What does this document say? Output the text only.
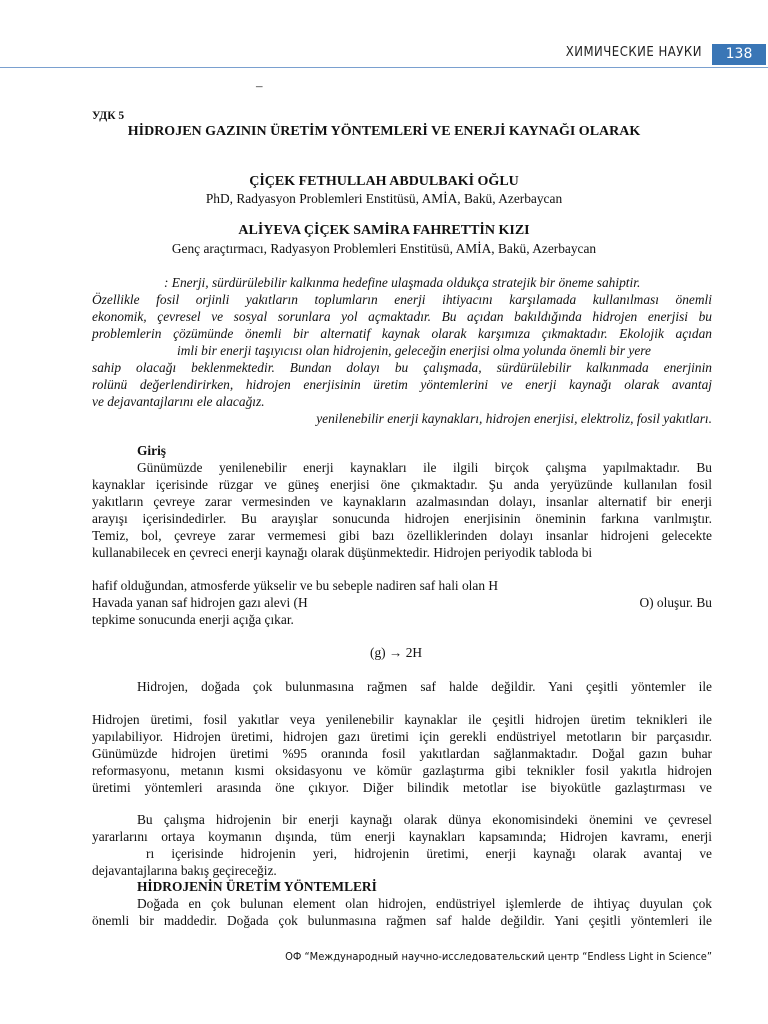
ХИМИЧЕСКИЕ НАУКИ	138
–
УДК 5
HİDROJEN GAZININ ÜRETİM YÖNTEMLERİ VE ENERJİ KAYNAĞI OLARAK
ÇİÇEK FETHULLAH ABDULBAKİ OĞLU
PhD, Radyasyon Problemleri Enstitüsü, AMİA, Bakü, Azerbaycan
ALİYEVA ÇİÇEK SAMİRA FAHRETTİN KIZI
Genç araçtırmacı, Radyasyon Problemleri Enstitüsü, AMİA, Bakü, Azerbaycan
: Enerji, sürdürülebilir kalkınma hedefine ulaşmada oldukça stratejik bir öneme sahiptir.
Özellikle fosil orjinli yakıtların toplumların enerji ihtiyacını karşılamada kullanılması önemli
ekonomik, çevresel ve sosyal sorunlara yol açmaktadır. Bu açıdan bakıldığında hidrojen enerjisi bu
problemlerin çözümünde önemli bir alternatif kaynak olarak karşımıza çıkmaktadır. Ekolojik açıdan
imli bir enerji taşıyıcısı olan hidrojenin, geleceğin enerjisi olma yolunda önemli bir yere
sahip olacağı beklenmektedir. Bundan dolayı bu çalışmada, sürdürülebilir kalkınmada enerjinin
rolünü değerlendirirken, hidrojen enerjisinin üretim yöntemlerini ve enerji kaynağı olarak avantaj
ve dejavantajlarını ele alacağız.
yenilenebilir enerji kaynakları, hidrojen enerjisi, elektroliz, fosil yakıtları.
Giriş
Günümüzde yenilenebilir enerji kaynakları ile ilgili birçok çalışma yapılmaktadır. Bu
kaynaklar içerisinde rüzgar ve güneş enerjisi öne çıkmaktadır. Şu anda yeryüzünde kullanılan fosil
yakıtların çevreye zarar vermesinden ve kaynakların azalmasından dolayı, insanlar alternatif bir enerji
arayışı içerisindedirler. Bu arayışlar sonucunda hidrojen enerjisinin öneminin farkına varılmıştır.
Temiz, bol, çevreye zarar vermemesi gibi bazı özelliklerinden dolayı insanlar hidrojeni gelecekte
kullanabilecek en çevreci enerji kaynağı olarak düşünmektedir. Hidrojen periyodik tabloda bi
hafif olduğundan, atmosferde yükselir ve bu sebeple nadiren saf hali olan H
Havada yanan saf hidrojen gazı alevi (H	O) oluşur. Bu
tepkime sonucunda enerji açığa çıkar.
(g) → 2H
Hidrojen, doğada çok bulunmasına rağmen saf halde değildir. Yani çeşitli yöntemler ile
Hidrojen üretimi, fosil yakıtlar veya yenilenebilir kaynaklar ile çeşitli hidrojen üretim teknikleri ile
yapılabiliyor. Hidrojen üretimi, hidrojen gazı üretimi için gerekli endüstriyel metotların bir parçasıdır.
Günümüzde hidrojen üretimi %95 oranında fosil yakıtlardan sağlanmaktadır. Doğal gazın buhar
reformasyonu, metanın kısmi oksidasyonu ve kömür gazlaştırma gibi teknikler fosil yakıtla hidrojen
üretimi yöntemleri arasında öne çıkıyor. Diğer bilindik metotlar ise biyokütle gazlaştırması ve
Bu çalışma hidrojenin bir enerji kaynağı olarak dünya ekonomisindeki önemini ve çevresel
yararlarını ortaya koymanın dışında, tüm enerji kaynakları kapsamında; Hidrojen kavramı, enerji
rı içerisinde hidrojenin yeri, hidrojenin üretimi, enerji kaynağı olarak avantaj ve
dejavantajlarına bakış geçireceğiz.
HİDROJENİN ÜRETİM YÖNTEMLERİ
Doğada en çok bulunan element olan hidrojen, endüstriyel işlemlerde de ihtiyaç duyulan çok
önemli bir maddedir. Doğada çok bulunmasına rağmen saf halde değildir. Yani çeşitli yöntemleri ile
ОФ “Международный научно-исследовательский центр “Endless Light in Science”
